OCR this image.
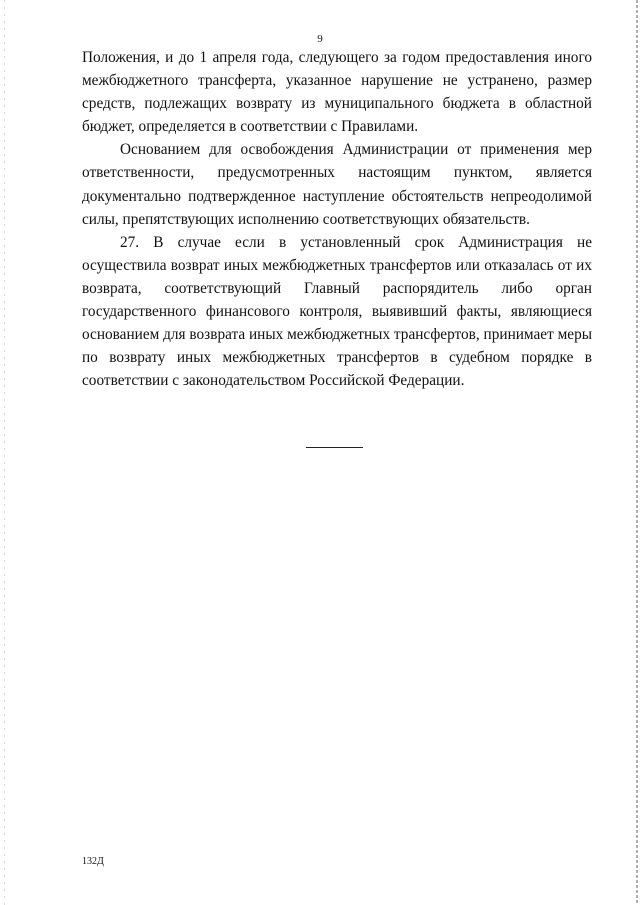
9

Положения, и до 1 апреля года, следующего за годом предоставления иного межбюджетного трансферта, указанное нарушение не устранено, размер средств, подлежащих возврату из муниципального бюджета в областной бюджет, определяется в соответствии с Правилами.

Основанием для освобождения Администрации от применения мер ответственности, предусмотренных настоящим пунктом, является документально подтвержденное наступление обстоятельств непреодолимой силы, препятствующих исполнению соответствующих обязательств.

27. В случае если в установленный срок Администрация не осуществила возврат иных межбюджетных трансфертов или отказалась от их возврата, соответствующий Главный распорядитель либо орган государственного финансового контроля, выявивший факты, являющиеся основанием для возврата иных межбюджетных трансфертов, принимает меры по возврату иных межбюджетных трансфертов в судебном порядке в соответствии с законодательством Российской Федерации.

132Д
